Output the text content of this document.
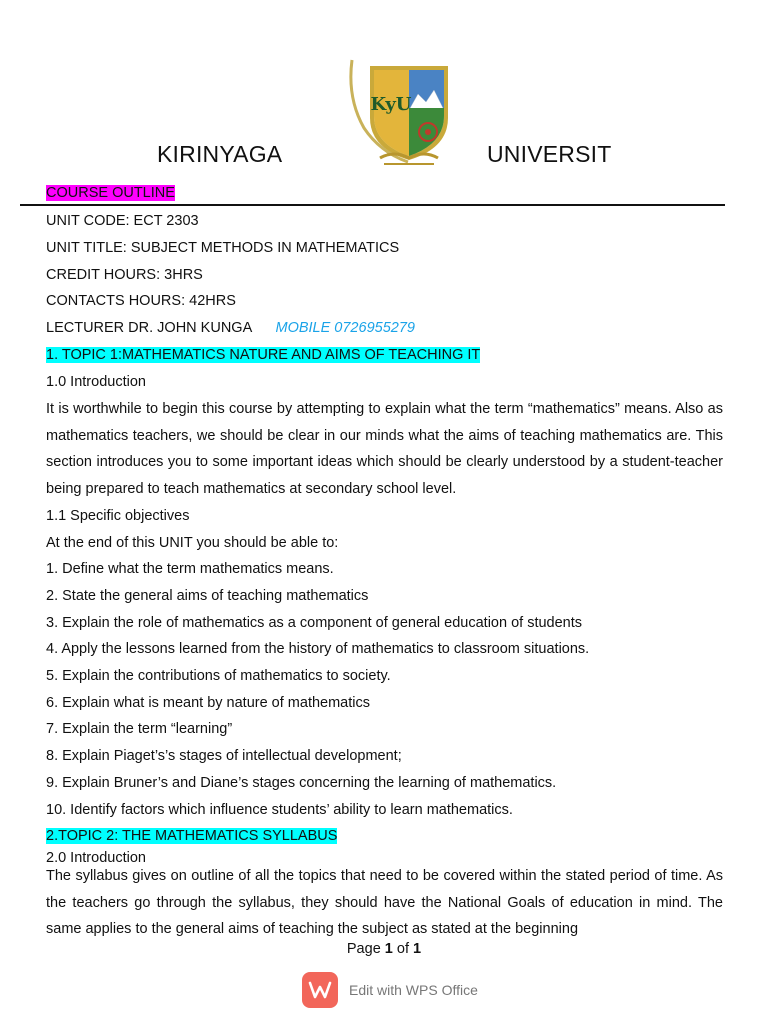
KyU
KIRINYAGA	UNIVERSIT
COURSE OUTLINE
UNIT CODE: ECT 2303
UNIT TITLE: SUBJECT METHODS IN MATHEMATICS
CREDIT HOURS: 3HRS
CONTACTS HOURS: 42HRS
LECTURER DR. JOHN KUNGA MOBILE 0726955279
1. TOPIC 1:MATHEMATICS NATURE AND AIMS OF TEACHING IT
1.0 Introduction
It is worthwhile to begin this course by attempting to explain what the term “mathematics” means. Also as mathematics teachers, we should be clear in our minds what the aims of teaching mathematics are. This section introduces you to some important ideas which should be clearly understood by a student-teacher being prepared to teach mathematics at secondary school level.
1.1 Specific objectives
At the end of this UNIT you should be able to:
1. Define what the term mathematics means.
2. State the general aims of teaching mathematics
3. Explain the role of mathematics as a component of general education of students
4. Apply the lessons learned from the history of mathematics to classroom situations.
5. Explain the contributions of mathematics to society.
6. Explain what is meant by nature of mathematics
7. Explain the term “learning”
8. Explain Piaget’s’s stages of intellectual development;
9. Explain Bruner’s and Diane’s stages concerning the learning of mathematics.
10. Identify factors which influence students’ ability to learn mathematics.
2.TOPIC 2: THE MATHEMATICS SYLLABUS
2.0 Introduction
The syllabus gives on outline of all the topics that need to be covered within the stated period of time. As the teachers go through the syllabus, they should have the National Goals of education in mind. The same applies to the general aims of teaching the subject as stated at the beginning
Page 1 of 1
Edit with WPS Office
